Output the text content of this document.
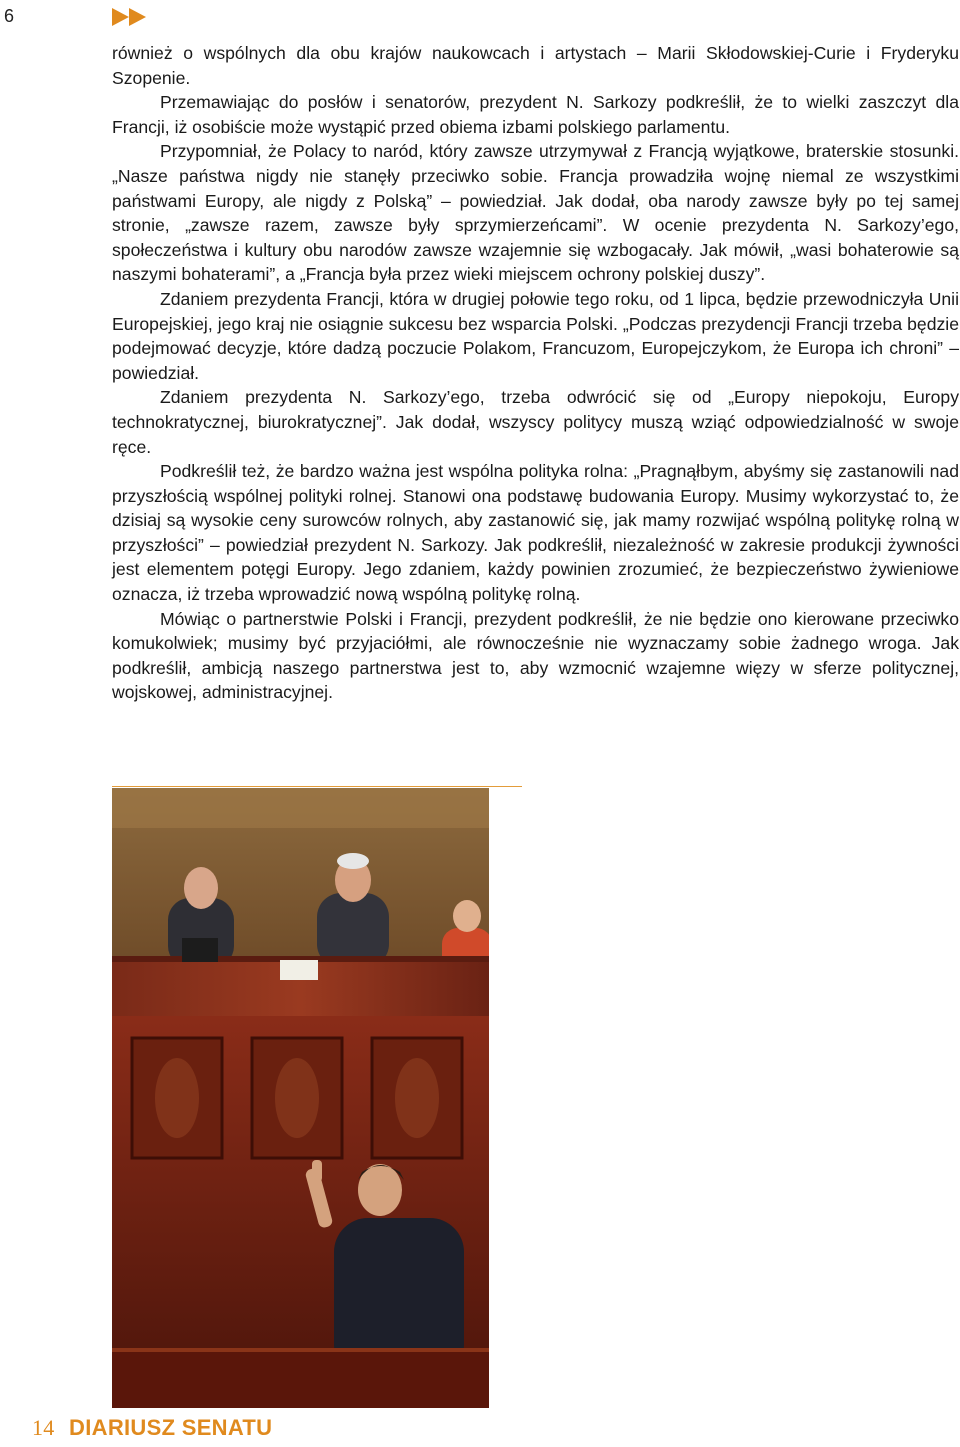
6

również o wspólnych dla obu krajów naukowcach i artystach – Marii Skłodowskiej-Curie i Fryderyku Szopenie.

Przemawiając do posłów i senatorów, prezydent N. Sarkozy podkreślił, że to wielki zaszczyt dla Francji, iż osobiście może wystąpić przed obiema izbami polskiego parlamentu.

Przypomniał, że Polacy to naród, który zawsze utrzymywał z Francją wyjątkowe, braterskie stosunki. „Nasze państwa nigdy nie stanęły przeciwko sobie. Francja prowadziła wojnę niemal ze wszystkimi państwami Europy, ale nigdy z Polską” – powiedział. Jak dodał, oba narody zawsze były po tej samej stronie, „zawsze razem, zawsze były sprzymierzeńcami”. W ocenie prezydenta N. Sarkozy’ego, społeczeństwa i kultury obu narodów zawsze wzajemnie się wzbogacały. Jak mówił, „wasi bohaterowie są naszymi bohaterami”, a „Francja była przez wieki miejscem ochrony polskiej duszy”.

Zdaniem prezydenta Francji, która w drugiej połowie tego roku, od 1 lipca, będzie przewodniczyła Unii Europejskiej, jego kraj nie osiągnie sukcesu bez wsparcia Polski. „Podczas prezydencji Francji trzeba będzie podejmować decyzje, które dadzą poczucie Polakom, Francuzom, Europejczykom, że Europa ich chroni” – powiedział.

Zdaniem prezydenta N. Sarkozy’ego, trzeba odwrócić się od „Europy niepokoju, Europy technokratycznej, biurokratycznej”. Jak dodał, wszyscy politycy muszą wziąć odpowiedzialność w swoje ręce.

Podkreślił też, że bardzo ważna jest wspólna polityka rolna: „Pragnąłbym, abyśmy się zastanowili nad przyszłością wspólnej polityki rolnej. Stanowi ona podstawę budowania Europy. Musimy wykorzystać to, że dzisiaj są wysokie ceny surowców rolnych, aby zastanowić się, jak mamy rozwijać wspólną politykę rolną w przyszłości” – powiedział prezydent N. Sarkozy. Jak podkreślił, niezależność w zakresie produkcji żywności jest elementem potęgi Europy. Jego zdaniem, każdy powinien zrozumieć, że bezpieczeństwo żywieniowe oznacza, iż trzeba wprowadzić nową wspólną politykę rolną.

Mówiąc o partnerstwie Polski i Francji, prezydent podkreślił, że nie będzie ono kierowane przeciwko komukolwiek; musimy być przyjaciółmi, ale równocześnie nie wyznaczamy sobie żadnego wroga. Jak podkreślił, ambicją naszego partnerstwa jest to, aby wzmocnić wzajemne więzy w sferze politycznej, wojskowej, administracyjnej.

14 DIARIUSZ SENATU
